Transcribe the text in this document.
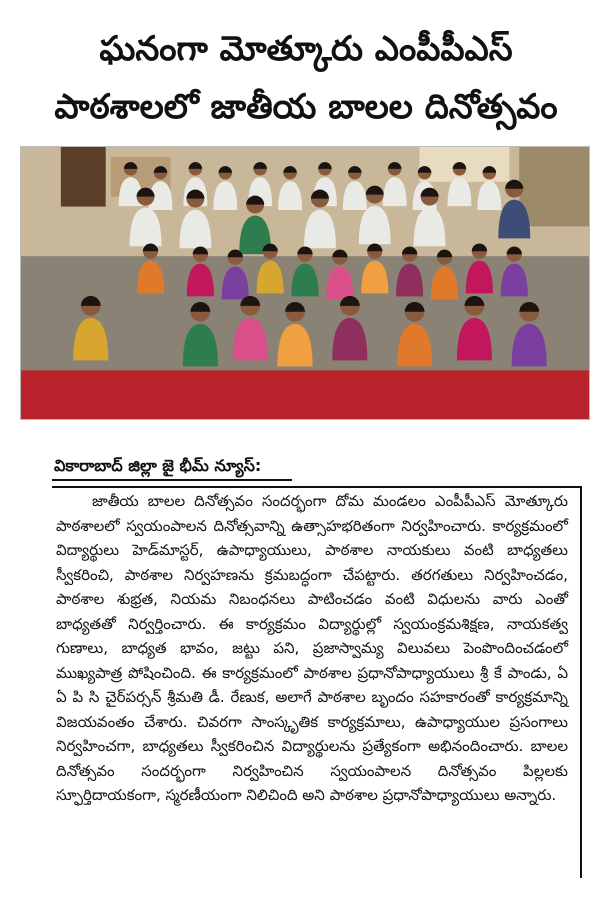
ఘనంగా మోత్కూరు ఎంపీపీఎస్
పాఠశాలలో జాతీయ బాలల దినోత్సవం
వికారాబాద్ జిల్లా జై భీమ్ న్యూస్:

జాతీయ బాలల దినోత్సవం సందర్భంగా దోమ మండలం ఎంపీపీఎస్ మోత్కూరు పాఠశాలలో స్వయంపాలన దినోత్సవాన్ని ఉత్సాహభరితంగా నిర్వహించారు. కార్యక్రమంలో విద్యార్థులు హెడ్‌మాస్టర్, ఉపాధ్యాయులు, పాఠశాల నాయకులు వంటి బాధ్యతలు స్వీకరించి, పాఠశాల నిర్వహణను క్రమబద్ధంగా చేపట్టారు. తరగతులు నిర్వహించడం, పాఠశాల శుభ్రత, నియమ నిబంధనలు పాటించడం వంటి విధులను వారు ఎంతో బాధ్యతతో నిర్వర్తించారు. ఈ కార్యక్రమం విద్యార్థుల్లో స్వయంక్రమశిక్షణ, నాయకత్వ గుణాలు, బాధ్యత భావం, జట్టు పని, ప్రజాస్వామ్య విలువలు పెంపొందించడంలో ముఖ్యపాత్ర పోషించింది. ఈ కార్యక్రమంలో పాఠశాల ప్రధానోపాధ్యాయులు శ్రీ కే పాండు, ఏ ఏ పి సి చైర్‌పర్సన్ శ్రీమతి డీ. రేణుక, అలాగే పాఠశాల బృందం సహకారంతో కార్యక్రమాన్ని విజయవంతం చేశారు. చివరగా సాంస్కృతిక కార్యక్రమాలు, ఉపాధ్యాయుల ప్రసంగాలు నిర్వహించగా, బాధ్యతలు స్వీకరించిన విద్యార్థులను ప్రత్యేకంగా అభినందించారు. బాలల దినోత్సవం సందర్భంగా నిర్వహించిన స్వయంపాలన దినోత్సవం పిల్లలకు స్ఫూర్తిదాయకంగా, స్మరణీయంగా నిలిచింది అని పాఠశాల ప్రధానోపాధ్యాయులు అన్నారు.
